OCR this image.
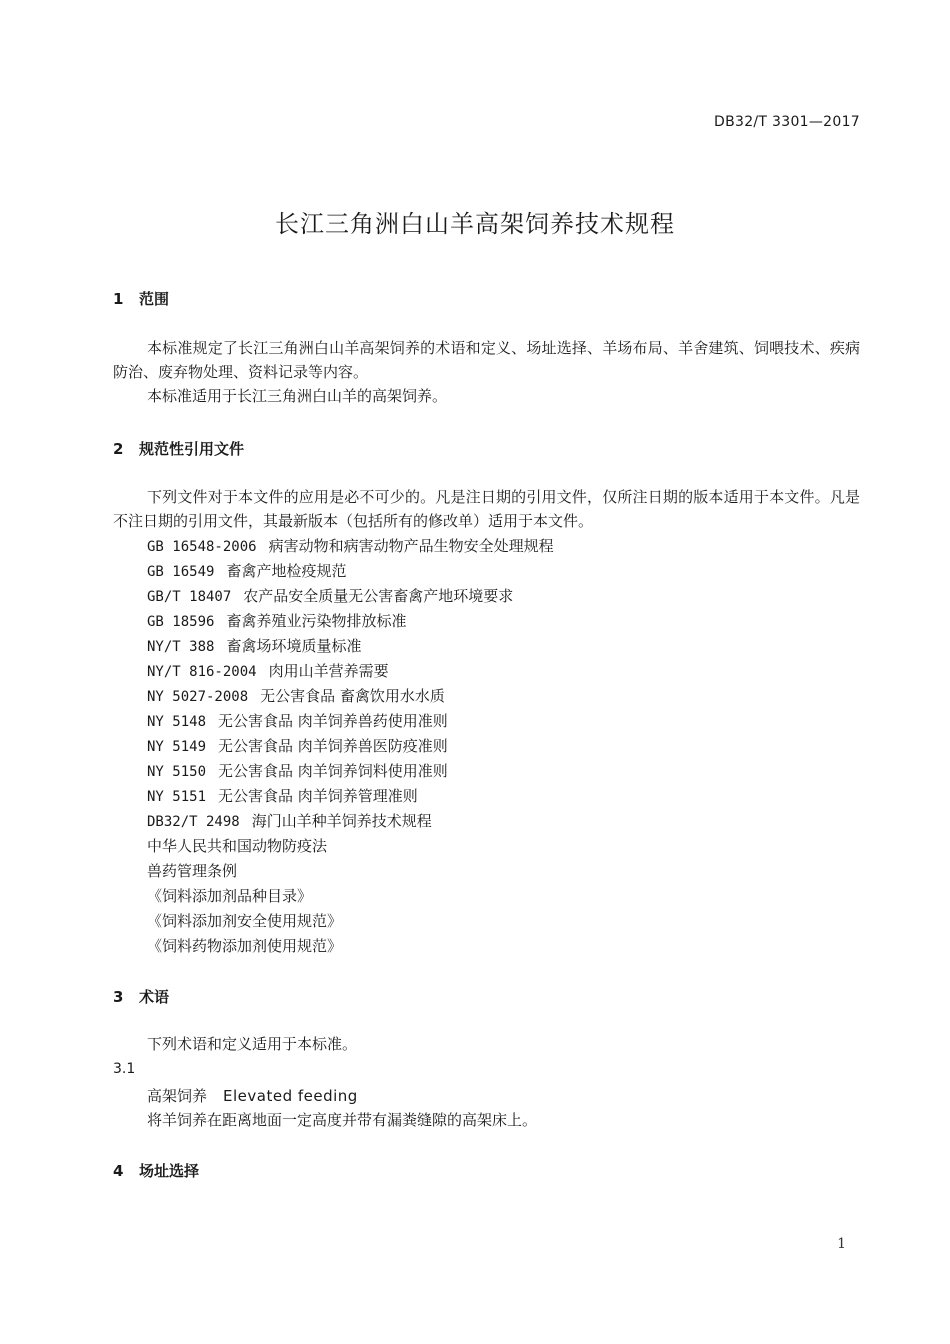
DB32/T 3301—2017
长江三角洲白山羊高架饲养技术规程
1 范围
本标准规定了长江三角洲白山羊高架饲养的术语和定义、场址选择、羊场布局、羊舍建筑、饲喂技术、疾病防治、废弃物处理、资料记录等内容。
本标准适用于长江三角洲白山羊的高架饲养。
2 规范性引用文件
下列文件对于本文件的应用是必不可少的。凡是注日期的引用文件，仅所注日期的版本适用于本文件。凡是不注日期的引用文件，其最新版本（包括所有的修改单）适用于本文件。
GB 16548-2006 病害动物和病害动物产品生物安全处理规程
GB 16549 畜禽产地检疫规范
GB/T 18407 农产品安全质量无公害畜禽产地环境要求
GB 18596 畜禽养殖业污染物排放标准
NY/T 388 畜禽场环境质量标准
NY/T 816-2004 肉用山羊营养需要
NY 5027-2008 无公害食品 畜禽饮用水水质
NY 5148 无公害食品 肉羊饲养兽药使用准则
NY 5149 无公害食品 肉羊饲养兽医防疫准则
NY 5150 无公害食品 肉羊饲养饲料使用准则
NY 5151 无公害食品 肉羊饲养管理准则
DB32/T 2498 海门山羊种羊饲养技术规程
中华人民共和国动物防疫法
兽药管理条例
《饲料添加剂品种目录》
《饲料添加剂安全使用规范》
《饲料药物添加剂使用规范》
3 术语
下列术语和定义适用于本标准。
3.1
高架饲养 Elevated feeding
将羊饲养在距离地面一定高度并带有漏粪缝隙的高架床上。
4 场址选择
1
